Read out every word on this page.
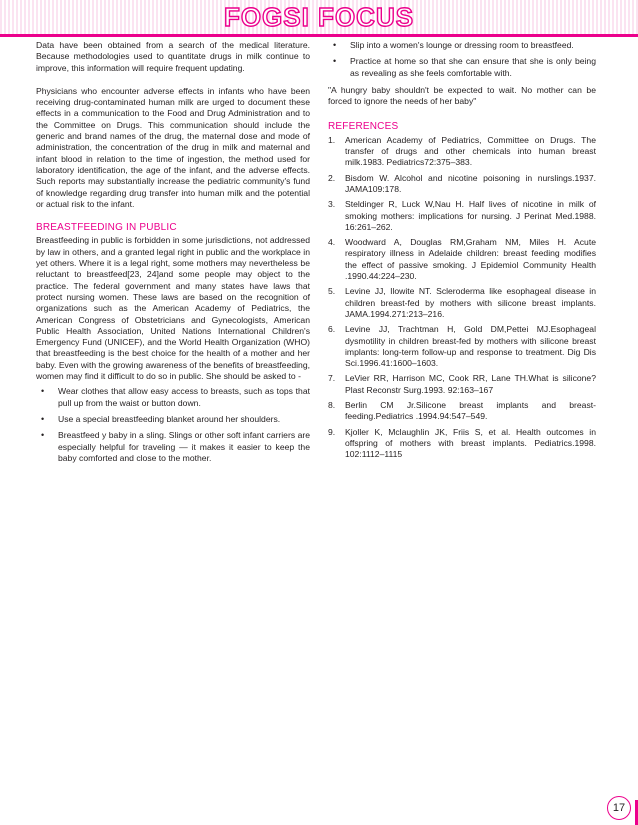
FOGSI FOCUS

Data have been obtained from a search of the medical literature. Because methodologies used to quantitate drugs in milk continue to improve, this information will require frequent updating.

Physicians who encounter adverse effects in infants who have been receiving drug-contaminated human milk are urged to document these effects in a communication to the Food and Drug Administration and to the Committee on Drugs. This communication should include the generic and brand names of the drug, the maternal dose and mode of administration, the concentration of the drug in milk and maternal and infant blood in relation to the time of ingestion, the method used for laboratory identification, the age of the infant, and the adverse effects. Such reports may substantially increase the pediatric community's fund of knowledge regarding drug transfer into human milk and the potential or actual risk to the infant.

BREASTFEEDING IN PUBLIC

Breastfeeding in public is forbidden in some jurisdictions, not addressed by law in others, and a granted legal right in public and the workplace in yet others. Where it is a legal right, some mothers may nevertheless be reluctant to breastfeed[23, 24]and some people may object to the practice. The federal government and many states have laws that protect nursing women. These laws are based on the recognition of organizations such as the American Academy of Pediatrics, the American Congress of Obstetricians and Gynecologists, American Public Health Association, United Nations International Children's Emergency Fund (UNICEF), and the World Health Organization (WHO) that breastfeeding is the best choice for the health of a mother and her baby. Even with the growing awareness of the benefits of breastfeeding, women may find it difficult to do so in public. She should be asked to -

• Wear clothes that allow easy access to breasts, such as tops that pull up from the waist or button down.
• Use a special breastfeeding blanket around her shoulders.
• Breastfeed y baby in a sling. Slings or other soft infant carriers are especially helpful for traveling — it makes it easier to keep the baby comforted and close to the mother.
• Slip into a women's lounge or dressing room to breastfeed.
• Practice at home so that she can ensure that she is only being as revealing as she feels comfortable with.

"A hungry baby shouldn't be expected to wait. No mother can be forced to ignore the needs of her baby"

REFERENCES
1. American Academy of Pediatrics, Committee on Drugs. The transfer of drugs and other chemicals into human breast milk.1983. Pediatrics72:375–383.
2. Bisdom W. Alcohol and nicotine poisoning in nurslings.1937. JAMA109:178.
3. Steldinger R, Luck W,Nau H. Half lives of nicotine in milk of smoking mothers: implications for nursing. J Perinat Med.1988. 16:261–262.
4. Woodward A, Douglas RM,Graham NM, Miles H. Acute respiratory illness in Adelaide children: breast feeding modifies the effect of passive smoking. J Epidemiol Community Health .1990.44:224–230.
5. Levine JJ, Ilowite NT. Scleroderma like esophageal disease in children breast-fed by mothers with silicone breast implants. JAMA.1994.271:213–216.
6. Levine JJ, Trachtman H, Gold DM,Pettei MJ.Esophageal dysmotility in children breast-fed by mothers with silicone breast implants: long-term follow-up and response to treatment. Dig Dis Sci.1996.41:1600–1603.
7. LeVier RR, Harrison MC, Cook RR, Lane TH.What is silicone? Plast Reconstr Surg.1993. 92:163–167
8. Berlin CM Jr.Silicone breast implants and breast-feeding.Pediatrics .1994.94:547–549.
9. Kjoller K, Mclaughlin JK, Friis S, et al. Health outcomes in offspring of mothers with breast implants. Pediatrics.1998. 102:1112–1115
17
